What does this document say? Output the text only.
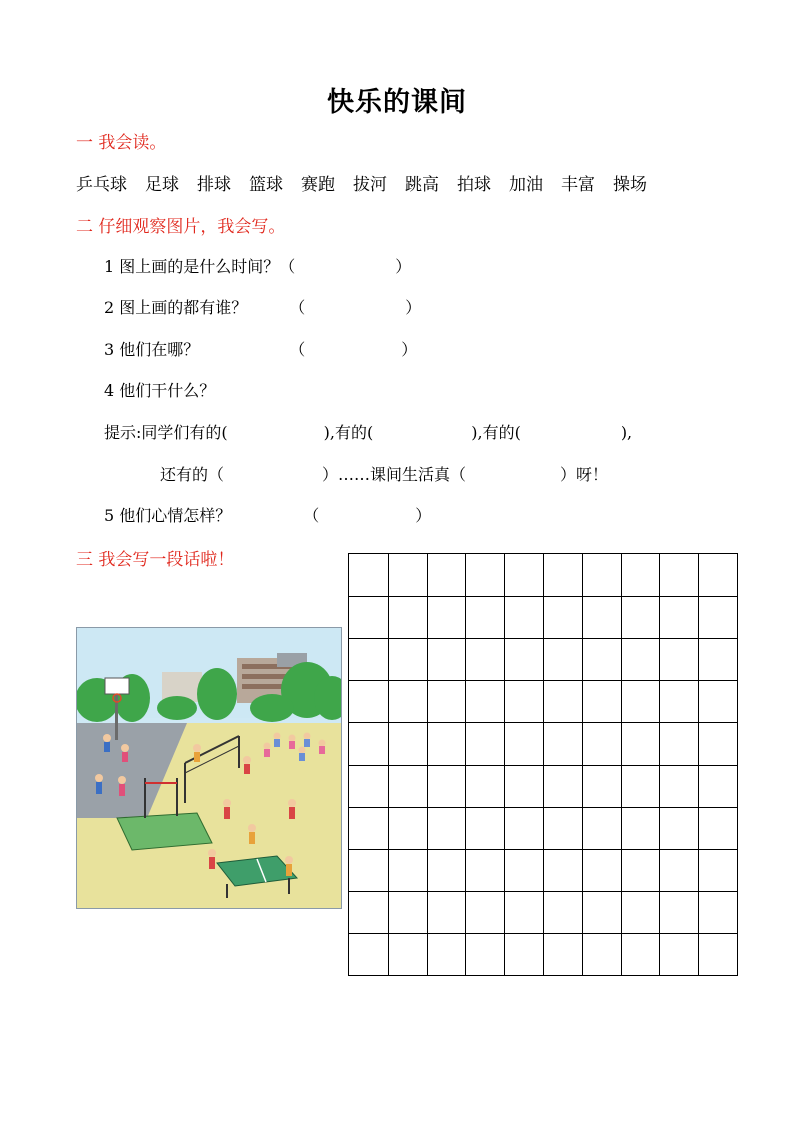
快乐的课间
一 我会读。
乒乓球 足球 排球 篮球 赛跑 拔河 跳高 拍球 加油 丰富 操场
二 仔细观察图片，我会写。
1 图上画的是什么时间？（	）
2 图上画的都有谁？	（	）
3 他们在哪？	（	）
4 他们干什么？
提示:同学们有的(	),有的(	),有的(	),
还有的（	）……课间生活真（	）呀！
5 他们心情怎样？	（	）
三 我会写一段话啦！
